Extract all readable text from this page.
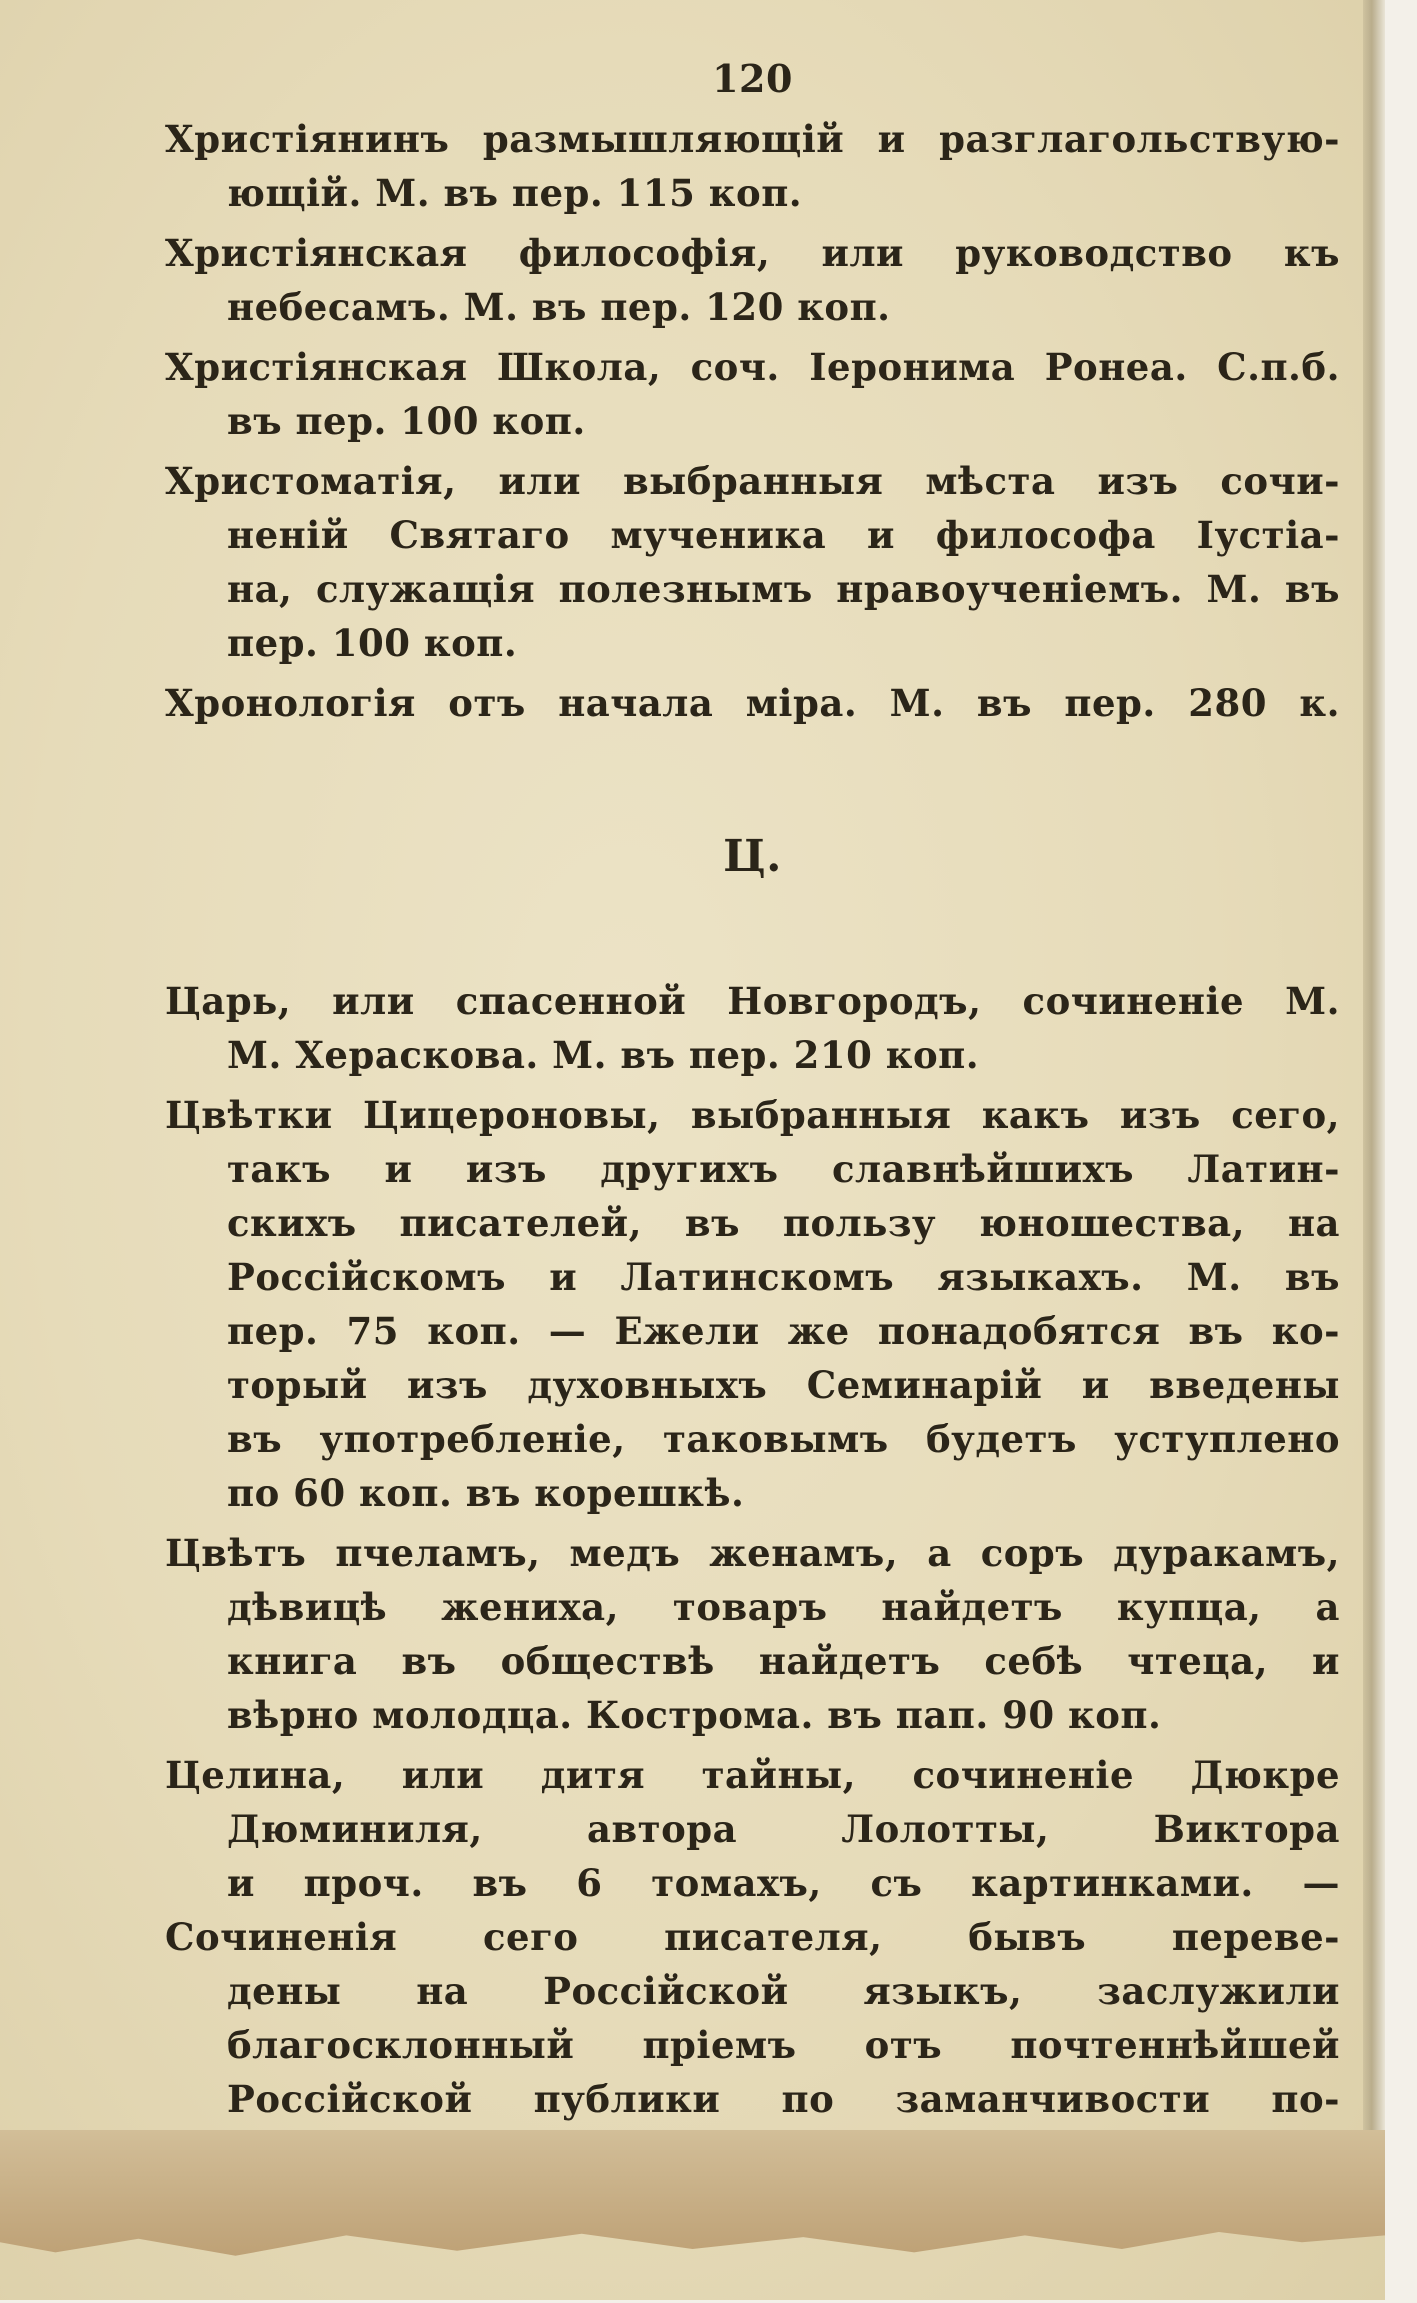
120
Христiянинъ размышляющiй и разглагольствую-
ющiй. М. въ пер. 115 коп.
Христiянская философiя, или руководство къ
небесамъ. М. въ пер. 120 коп.
Христiянская Школа, соч. Iеронима Ронеа. С.п.б.
въ пер. 100 коп.
Христоматiя, или выбранныя мѣста изъ сочи-
ненiй Святаго мученика и философа Iустiа-
на, служащiя полезнымъ нравоученiемъ. М. въ
пер. 100 коп.
Хронологiя отъ начала мiра. М. въ пер. 280 к.
Ц.
Царь, или спасенной Новгородъ, сочиненiе М.
М. Хераскова. М. въ пер. 210 коп.
Цвѣтки Цицероновы, выбранныя какъ изъ сего,
такъ и изъ другихъ славнѣйшихъ Латин-
скихъ писателей, въ пользу юношества, на
Россiйскомъ и Латинскомъ языкахъ. М. въ
пер. 75 коп. — Ежели же понадобятся въ ко-
торый изъ духовныхъ Семинарiй и введены
въ употребленiе, таковымъ будетъ уступлено
по 60 коп. въ корешкѣ.
Цвѣтъ пчеламъ, медъ женамъ, а соръ дуракамъ,
дѣвицѣ жениха, товаръ найдетъ купца, а
книга въ обществѣ найдетъ себѣ чтеца, и
вѣрно молодца. Кострома. въ пап. 90 коп.
Целина, или дитя тайны, сочиненiе Дюкре
Дюминиля, автора Лолотты, Виктора
и проч. въ 6 томахъ, съ картинками. —
Сочиненiя сего писателя, бывъ переве-
дены на Россiйской языкъ, заслужили
благосклонный прiемъ отъ почтеннѣйшей
Россiйской публики по заманчивости по-
